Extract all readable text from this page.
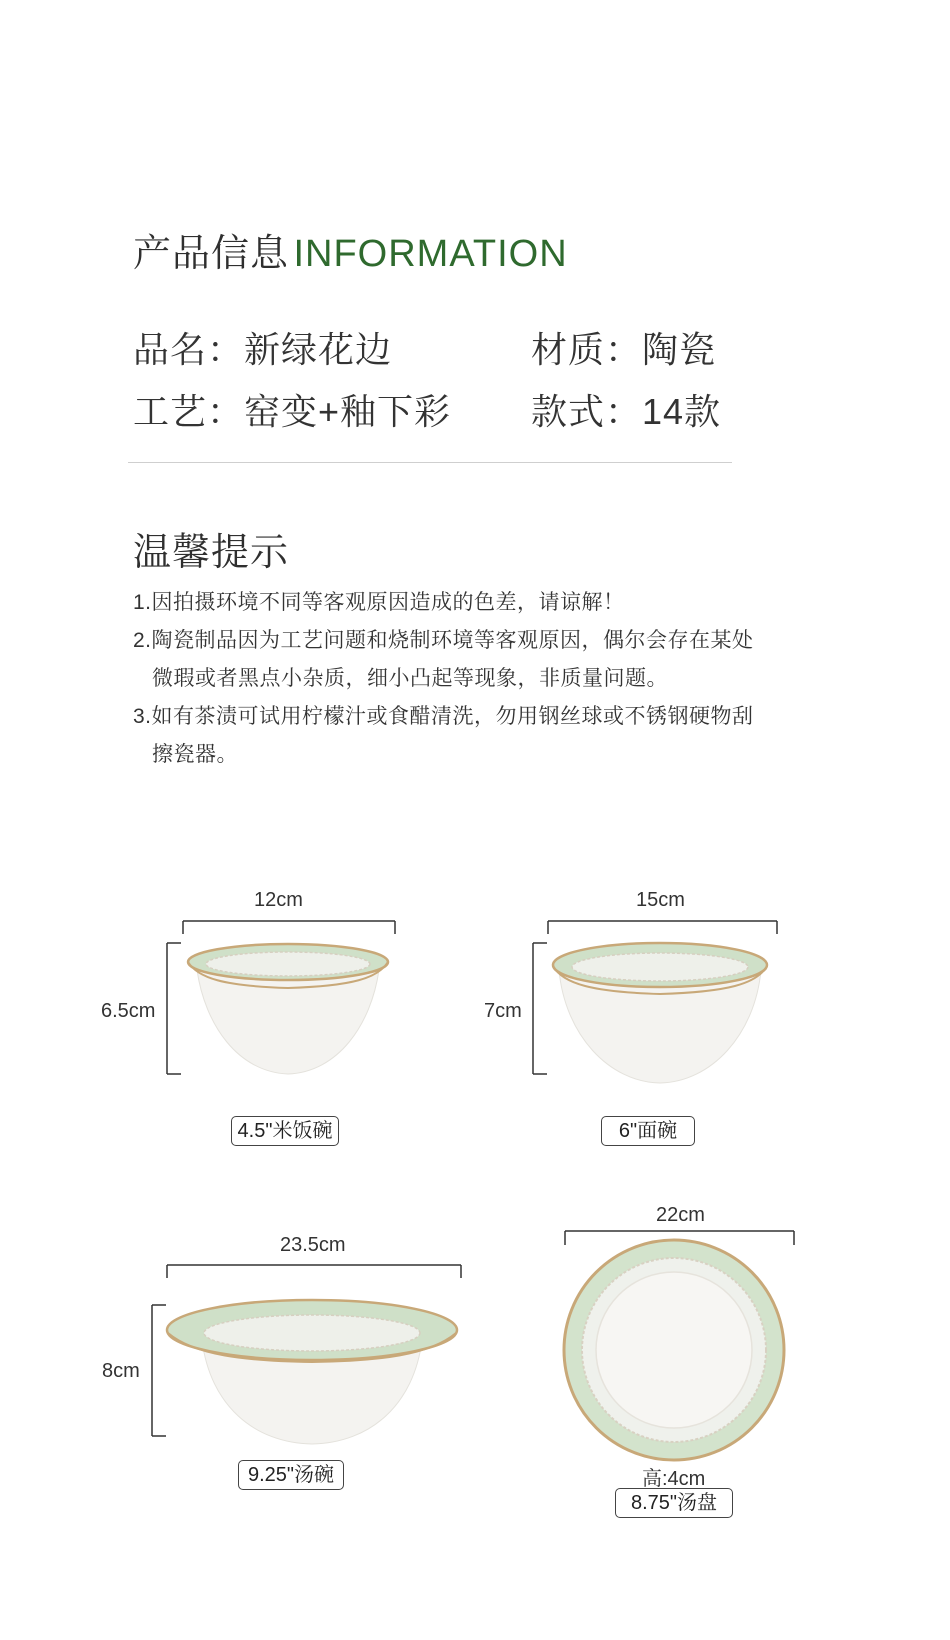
产品信息 INFORMATION
品名：新绿花边	材质：陶瓷
工艺：窑变+釉下彩 款式：14款
温馨提示
1.因拍摄环境不同等客观原因造成的色差，请谅解！
2.陶瓷制品因为工艺问题和烧制环境等客观原因，偶尔会存在某处
微瑕或者黑点小杂质，细小凸起等现象，非质量问题。
3.如有茶渍可试用柠檬汁或食醋清洗，勿用钢丝球或不锈钢硬物刮
擦瓷器。
12cm
6.5cm
4.5"米饭碗
15cm
7cm
6"面碗
23.5cm
8cm
9.25"汤碗
22cm
高:4cm
8.75"汤盘
